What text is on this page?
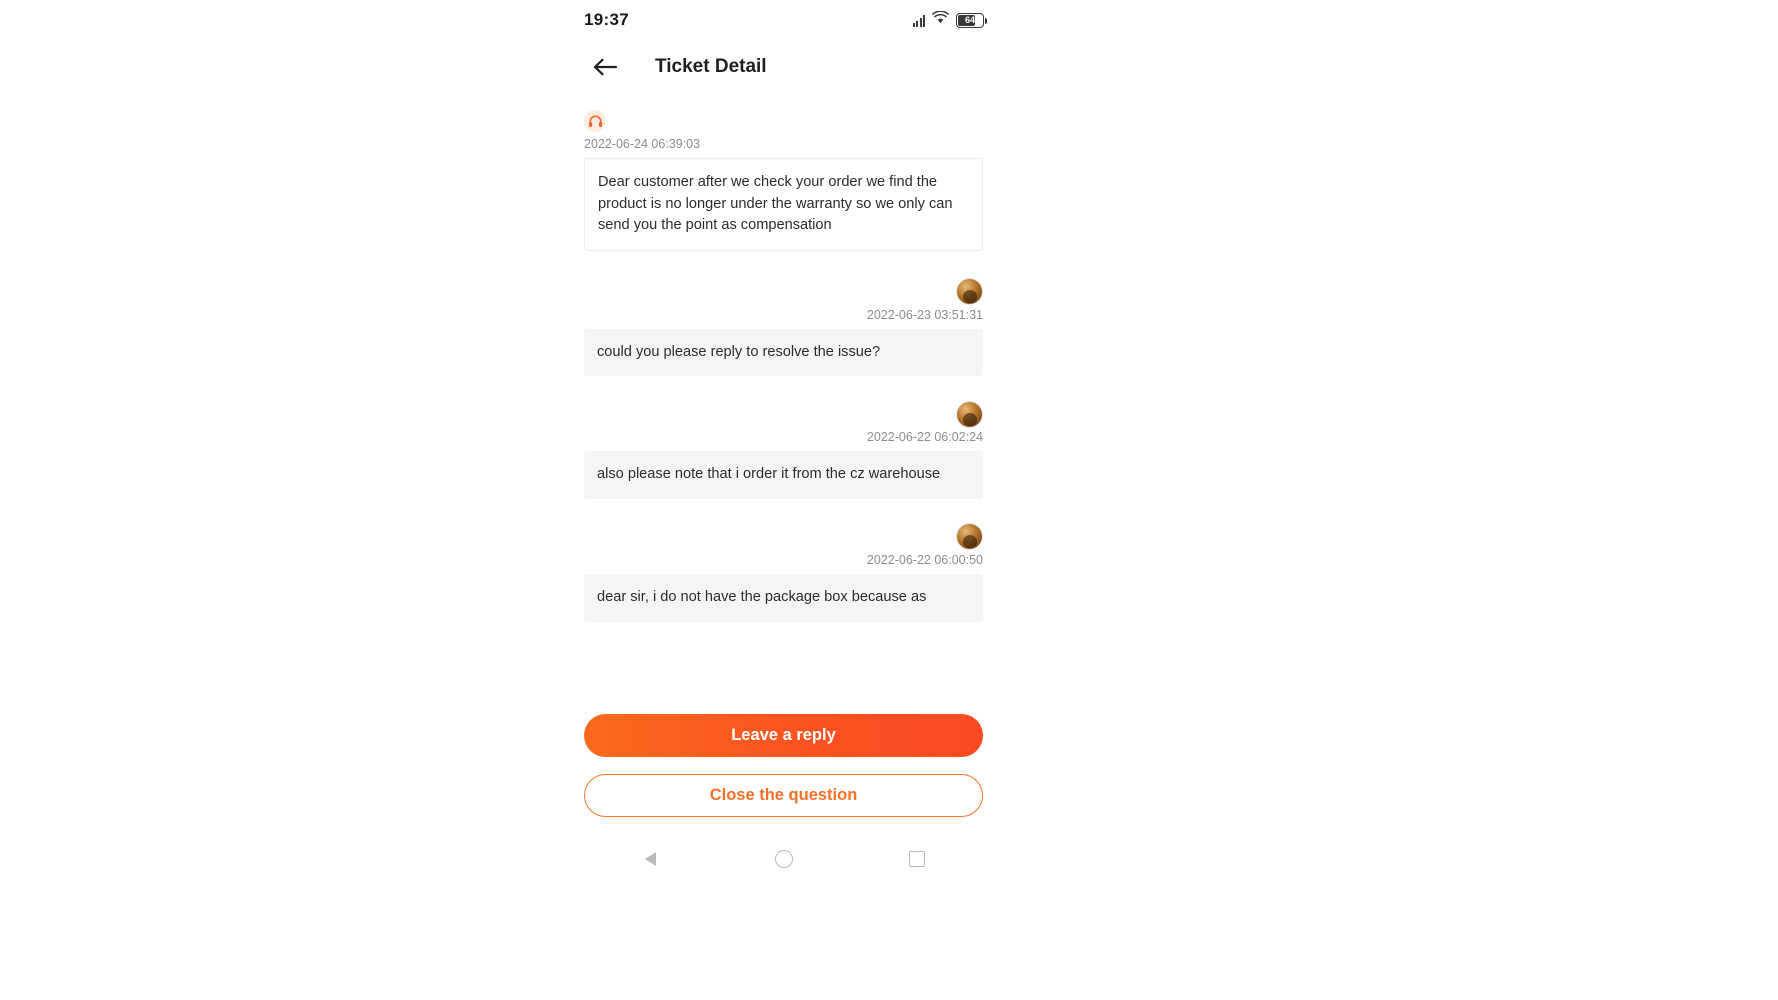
19:37	64
Ticket Detail
2022-06-24 06:39:03
Dear customer after we check your order we find the product is no longer under the warranty so we only can send you the point as compensation
2022-06-23 03:51:31
could you please reply to resolve the issue?
2022-06-22 06:02:24
also please note that i order it from the cz warehouse
2022-06-22 06:00:50
dear sir, i do not have the package box because as
Leave a reply
Close the question
